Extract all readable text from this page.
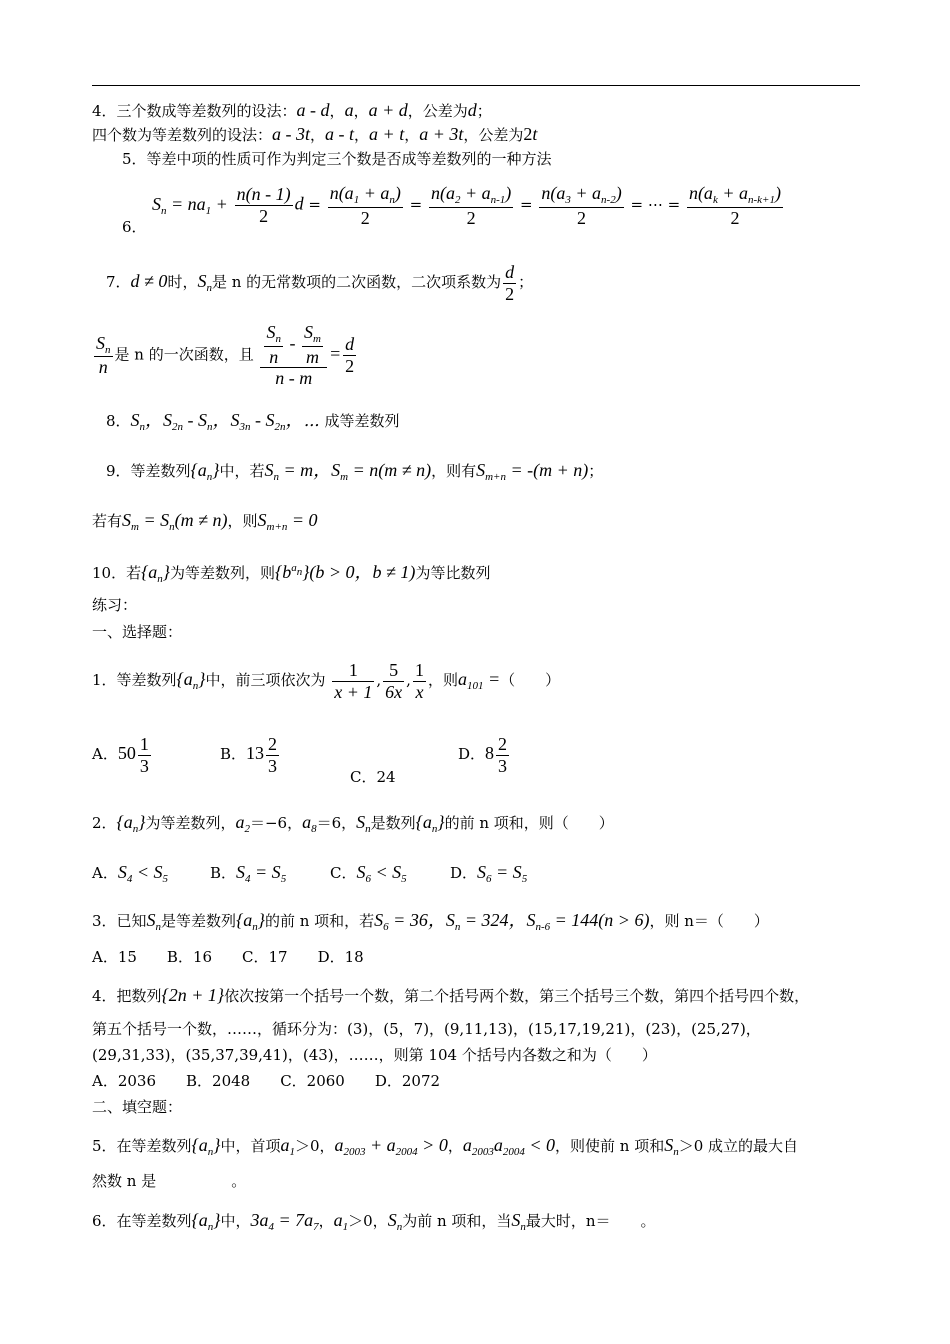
4．三个数成等差数列的设法：a - d，a，a + d，公差为d；
四个数为等差数列的设法：a - 3t，a - t，a + t，a + 3t，公差为2t
5．等差中项的性质可作为判定三个数是否成等差数列的一种方法
6．
$S_n = na_1 + \frac{n(n - 1)}{2}$ $d = \frac{n(a_1 + a_n)}{2} = \frac{n(a_2 + a_{n-1})}{2} = \frac{n(a_3 + a_{n-2})}{2}$ = ⋯ = $\frac{n(a_k + a_{n-k+1})}{2}$
7．d ≠ 0时，$S_n$是 n 的无常数项的二次函数，二次项系数为 $\frac{d}{2}$ ；
$\frac{S_n}{n}$ 是 n 的一次函数，且 $\frac{\frac{S_n}{n} - \frac{S_m}{m}}{n - m} = \frac{d}{2}$
8．$S_n$，$S_{2n} - S_n$，$S_{3n} - S_{2n}$，⋯ 成等差数列
9．等差数列$\{a_n\}$中，若$S_n = m$，$S_m = n(m \ne n)$，则有$S_{m+n} = -(m + n)$；
若有$S_m = S_n(m \ne n)$，则$S_{m+n} = 0$
10．若$\{a_n\}$为等差数列，则$\{b^{a_n}\}(b > 0$，b ≠ 1)为等比数列
练习：
一、选择题：
1．等差数列$\{a_n\}$中，前三项依次为 $\frac{1}{x + 1}$ , $\frac{5}{6x}$ , $\frac{1}{x}$ ，则$a_{101}$ =（　　）
A．$50 \frac{1}{3}$	B．$13 \frac{2}{3}$
C．24
D．$8 \frac{2}{3}$
2．$\{a_n\}$为等差数列，$a_2=-6$，$a_8=6$，$S_n$是数列$\{a_n\}$的前 n 项和，则（　　）
A．$S_4 < S_5$	B．$S_4 = S_5$	C．$S_6 < S_5$	D．$S_6 = S_5$
3．已知$S_n$是等差数列$\{a_n\}$的前 n 项和，若$S_6 = 36$，$S_n = 324$，$S_{n-6} = 144(n > 6)$，则 n＝（　　）
A．15　　B．16　　C．17　　D．18
4．把数列{2n + 1}依次按第一个括号一个数，第二个括号两个数，第三个括号三个数，第四个括号四个数，
第五个括号一个数，……，循环分为：(3)，(5，7)，(9,11,13)，(15,17,19,21)，(23)，(25,27)，
(29,31,33)，(35,37,39,41)，(43)，……，则第 104 个括号内各数之和为（　　）
A．2036　　B．2048　　C．2060　　D．2072
二、填空题：
5．在等差数列$\{a_n\}$中，首项$a_1>0$，$a_{2003} + a_{2004} > 0$，$a_{2003}a_{2004} < 0$，则使前 n 项和$S_n>0$ 成立的最大自
然数 n 是　　　　　。
6．在等差数列$\{a_n\}$中，$3a_4 = 7a_7$，$a_1>0$，$S_n$为前 n 项和，当$S_n$最大时，n＝　　。
